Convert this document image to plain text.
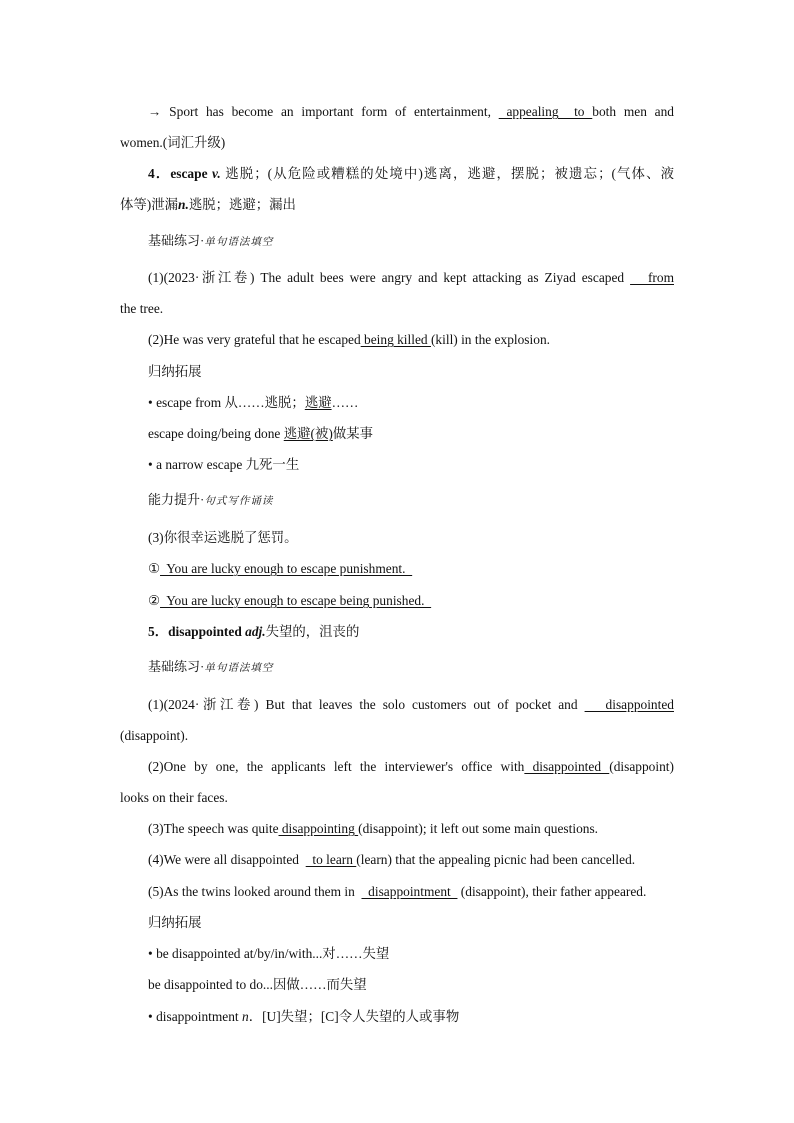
→ Sport has become an important form of entertainment,  appealing  to both men and
women.(词汇升级)
4．escape v. 逃脱；(从危险或糟糕的处境中)逃离，逃避，摆脱；被遗忘；(气体、液
体等)泄漏n.逃脱；逃避；漏出
基础练习·单句语法填空
(1)(2023·浙江卷) The adult bees were angry and kept attacking as Ziyad escaped    from
the tree.
(2)He was very grateful that he escaped being killed (kill) in the explosion.
归纳拓展
• escape from 从……逃脱；逃避……
escape doing/being done 逃避(被)做某事
• a narrow escape 九死一生
能力提升·句式写作诵读
(3)你很幸运逃脱了惩罚。
①  You are lucky enough to escape punishment.
②  You are lucky enough to escape being punished.
5．disappointed adj.失望的，沮丧的
基础练习·单句语法填空
(1)(2024·浙江卷) But that leaves the solo customers out of pocket and    disappointed
(disappoint).
(2)One by one, the applicants left the interviewer's office with disappointed (disappoint)
looks on their faces.
(3)The speech was quite disappointing (disappoint); it left out some main questions.
(4)We were all disappointed    to learn (learn) that the appealing picnic had been cancelled.
(5)As the twins looked around them in    disappointment   (disappoint), their father appeared.
归纳拓展
• be disappointed at/by/in/with...对……失望
be disappointed to do...因做……而失望
• disappointment n．[U]失望；[C]令人失望的人或事物
